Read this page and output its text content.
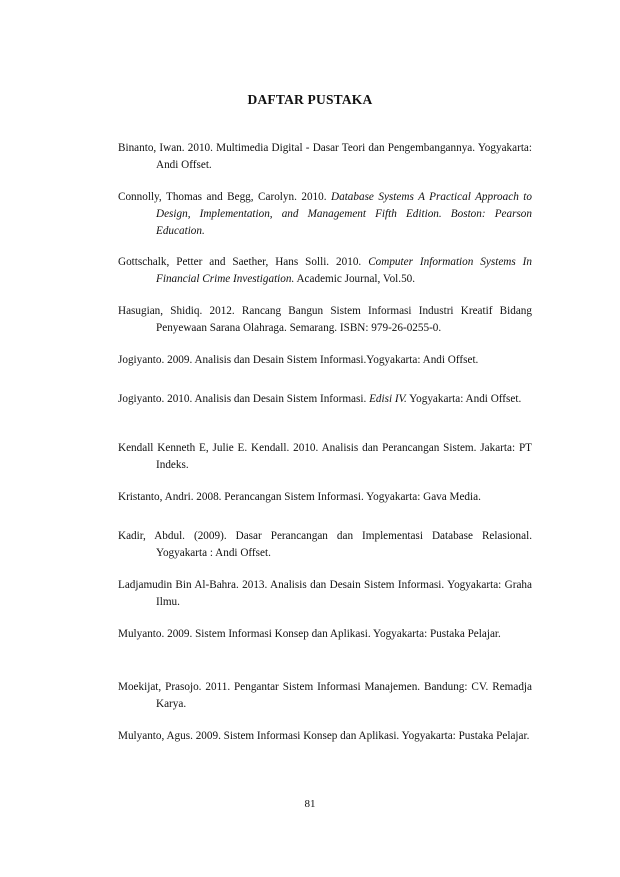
DAFTAR PUSTAKA
Binanto, Iwan. 2010. Multimedia Digital - Dasar Teori dan Pengembangannya. Yogyakarta: Andi Offset.
Connolly, Thomas and Begg, Carolyn. 2010. Database Systems A Practical Approach to Design, Implementation, and Management Fifth Edition. Boston: Pearson Education.
Gottschalk, Petter and Saether, Hans Solli. 2010. Computer Information Systems In Financial Crime Investigation. Academic Journal, Vol.50.
Hasugian, Shidiq. 2012. Rancang Bangun Sistem Informasi Industri Kreatif Bidang Penyewaan Sarana Olahraga. Semarang. ISBN: 979-26-0255-0.
Jogiyanto. 2009. Analisis dan Desain Sistem Informasi.Yogyakarta: Andi Offset.
Jogiyanto. 2010. Analisis dan Desain Sistem Informasi. Edisi IV. Yogyakarta: Andi Offset.
Kendall Kenneth E, Julie E. Kendall. 2010. Analisis dan Perancangan Sistem. Jakarta: PT Indeks.
Kristanto, Andri. 2008. Perancangan Sistem Informasi. Yogyakarta: Gava Media.
Kadir, Abdul. (2009). Dasar Perancangan dan Implementasi Database Relasional. Yogyakarta : Andi Offset.
Ladjamudin Bin Al-Bahra. 2013. Analisis dan Desain Sistem Informasi. Yogyakarta: Graha Ilmu.
Mulyanto. 2009. Sistem Informasi Konsep dan Aplikasi. Yogyakarta: Pustaka Pelajar.
Moekijat, Prasojo. 2011. Pengantar Sistem Informasi Manajemen. Bandung: CV. Remadja Karya.
Mulyanto, Agus. 2009. Sistem Informasi Konsep dan Aplikasi. Yogyakarta: Pustaka Pelajar.
81
